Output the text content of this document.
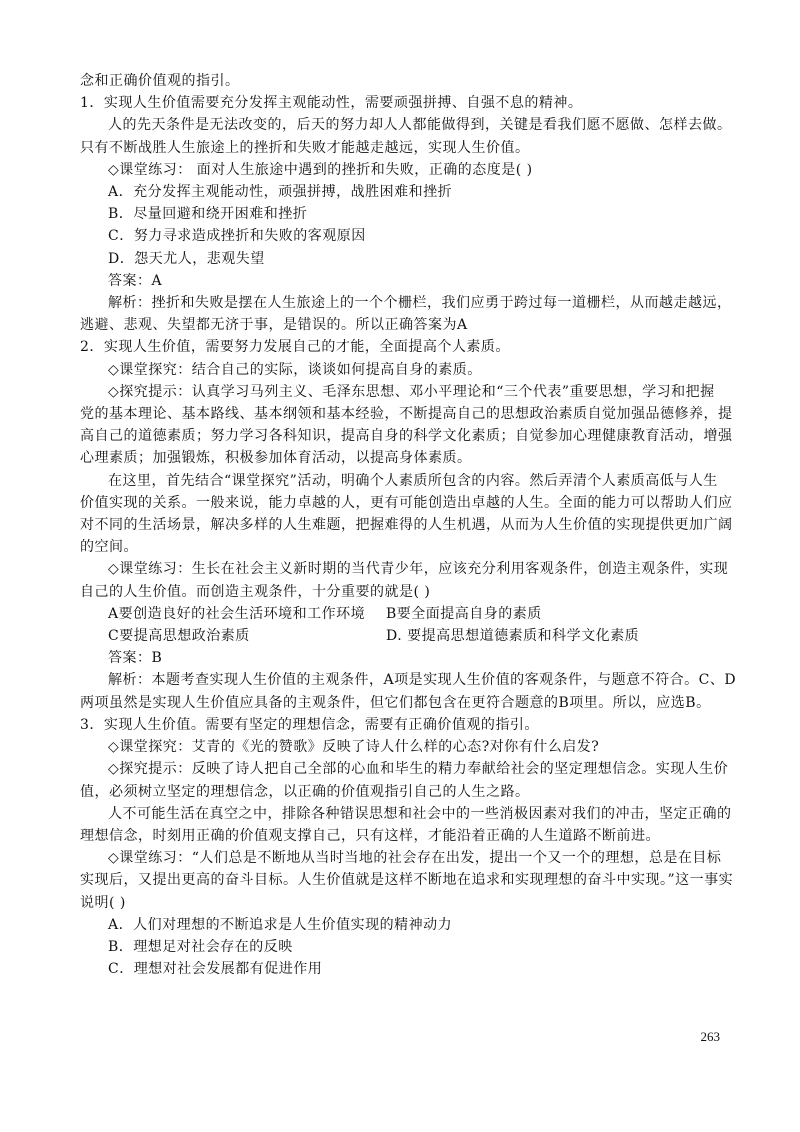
念和正确价值观的指引。
1．实现人生价值需要充分发挥主观能动性，需要顽强拼搏、自强不息的精神。
人的先天条件是无法改变的，后天的努力却人人都能做得到，关键是看我们愿不愿做、怎样去做。
只有不断战胜人生旅途上的挫折和失败才能越走越远，实现人生价值。
◇课堂练习： 面对人生旅途中遇到的挫折和失败，正确的态度是( )
A．充分发挥主观能动性，顽强拼搏，战胜困难和挫折
B．尽量回避和绕开困难和挫折
C．努力寻求造成挫折和失败的客观原因
D．怨天尤人，悲观失望
答案：A
解析：挫折和失败是摆在人生旅途上的一个个栅栏，我们应勇于跨过每一道栅栏，从而越走越远，
逃避、悲观、失望都无济于事，是错误的。所以正确答案为A
2．实现人生价值，需要努力发展自己的才能，全面提高个人素质。
◇课堂探究：结合自己的实际，谈谈如何提高自身的素质。
◇探究提示：认真学习马列主义、毛泽东思想、邓小平理论和“三个代表”重要思想，学习和把握
党的基本理论、基本路线、基本纲领和基本经验，不断提高自己的思想政治素质自觉加强品德修养，提
高自己的道德素质；努力学习各科知识，提高自身的科学文化素质；自觉参加心理健康教育活动，增强
心理素质；加强锻炼，积极参加体育活动，以提高身体素质。
在这里，首先结合“课堂探究”活动，明确个人素质所包含的内容。然后弄清个人素质高低与人生
价值实现的关系。一般来说，能力卓越的人，更有可能创造出卓越的人生。全面的能力可以帮助人们应
对不同的生活场景，解决多样的人生难题，把握难得的人生机遇，从而为人生价值的实现提供更加广阔
的空间。
◇课堂练习：生长在社会主义新时期的当代青少年，应该充分利用客观条件，创造主观条件，实现
自己的人生价值。而创造主观条件，十分重要的就是( )
A要创造良好的社会生活环境和工作环境	B要全面提高自身的素质
C要提高思想政治素质	D. 要提高思想道德素质和科学文化素质
答案：B
解析：本题考查实现人生价值的主观条件，A项是实现人生价值的客观条件，与题意不符合。C、D
两项虽然是实现人生价值应具备的主观条件，但它们都包含在更符合题意的B项里。所以，应选B。
3．实现人生价值。需要有坚定的理想信念，需要有正确价值观的指引。
◇课堂探究：艾青的《光的赞歌》反映了诗人什么样的心态?对你有什么启发?
◇探究提示：反映了诗人把自己全部的心血和毕生的精力奉献给社会的坚定理想信念。实现人生价
值，必须树立坚定的理想信念，以正确的价值观指引自己的人生之路。
人不可能生活在真空之中，排除各种错误思想和社会中的一些消极因素对我们的冲击，坚定正确的
理想信念，时刻用正确的价值观支撑自己，只有这样，才能沿着正确的人生道路不断前进。
◇课堂练习：“人们总是不断地从当时当地的社会存在出发，提出一个又一个的理想，总是在目标
实现后，又提出更高的奋斗目标。人生价值就是这样不断地在追求和实现理想的奋斗中实现。”这一事实
说明( )
A．人们对理想的不断追求是人生价值实现的精神动力
B．理想足对社会存在的反映
C．理想对社会发展都有促进作用
263
